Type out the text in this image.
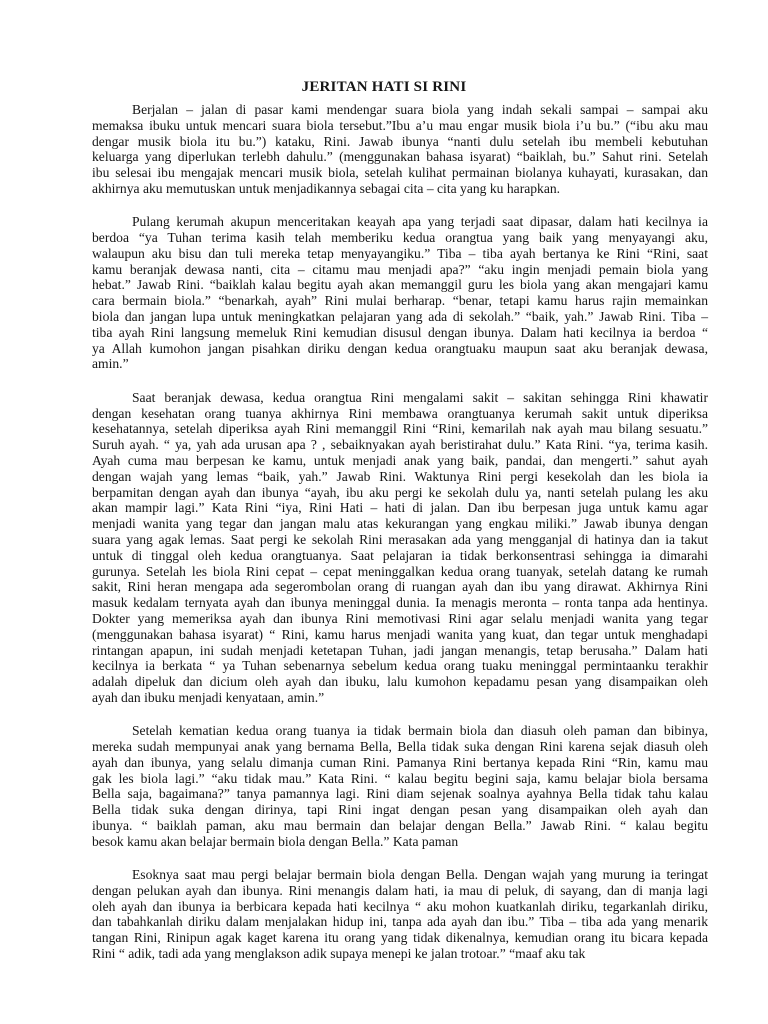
JERITAN HATI SI RINI
Berjalan – jalan di pasar kami mendengar suara biola yang indah sekali sampai – sampai aku
memaksa ibuku untuk mencari suara biola tersebut.”Ibu a’u mau engar musik biola i’u bu.” (“ibu aku mau
dengar musik biola itu bu.”) kataku, Rini. Jawab ibunya “nanti dulu setelah ibu membeli kebutuhan
keluarga yang diperlukan terlebh dahulu.” (menggunakan bahasa isyarat) “baiklah, bu.” Sahut rini. Setelah
ibu selesai ibu mengajak mencari musik biola, setelah kulihat permainan biolanya kuhayati, kurasakan, dan
akhirnya aku memutuskan untuk menjadikannya sebagai cita – cita yang ku harapkan.
Pulang kerumah akupun menceritakan keayah apa yang terjadi saat dipasar, dalam hati kecilnya ia
berdoa “ya Tuhan terima kasih telah memberiku kedua orangtua yang baik yang menyayangi aku,
walaupun aku bisu dan tuli mereka tetap menyayangiku.” Tiba – tiba ayah bertanya ke Rini “Rini, saat
kamu beranjak dewasa nanti, cita – citamu mau menjadi apa?” “aku ingin menjadi pemain biola yang
hebat.” Jawab Rini. “baiklah kalau begitu ayah akan memanggil guru les biola yang akan mengajari kamu
cara bermain biola.” “benarkah, ayah” Rini mulai berharap. “benar, tetapi kamu harus rajin memainkan
biola dan jangan lupa untuk meningkatkan pelajaran yang ada di sekolah.” “baik, yah.” Jawab Rini. Tiba –
tiba ayah Rini langsung memeluk Rini kemudian disusul dengan ibunya. Dalam hati kecilnya ia berdoa “
ya Allah kumohon jangan pisahkan diriku dengan kedua orangtuaku maupun saat aku beranjak dewasa,
amin.”
Saat beranjak dewasa, kedua orangtua Rini mengalami sakit – sakitan sehingga Rini khawatir
dengan kesehatan orang tuanya akhirnya Rini membawa orangtuanya kerumah sakit untuk diperiksa
kesehatannya, setelah diperiksa ayah Rini memanggil Rini “Rini, kemarilah nak ayah mau bilang sesuatu.”
Suruh ayah. “ ya, yah ada urusan apa ? , sebaiknyakan ayah beristirahat dulu.” Kata Rini. “ya, terima kasih.
Ayah cuma mau berpesan ke kamu, untuk menjadi anak yang baik, pandai, dan mengerti.” sahut ayah
dengan wajah yang lemas “baik, yah.” Jawab Rini. Waktunya Rini pergi kesekolah dan les biola ia
berpamitan dengan ayah dan ibunya “ayah, ibu aku pergi ke sekolah dulu ya, nanti setelah pulang les aku
akan mampir lagi.” Kata Rini “iya, Rini Hati – hati di jalan. Dan ibu berpesan juga untuk kamu agar
menjadi wanita yang tegar dan jangan malu atas kekurangan yang engkau miliki.” Jawab ibunya dengan
suara yang agak lemas. Saat pergi ke sekolah Rini merasakan ada yang mengganjal di hatinya dan ia takut
untuk di tinggal oleh kedua orangtuanya. Saat pelajaran ia tidak berkonsentrasi sehingga ia dimarahi
gurunya. Setelah les biola Rini cepat – cepat meninggalkan kedua orang tuanyak, setelah datang ke rumah
sakit, Rini heran mengapa ada segerombolan orang di ruangan ayah dan ibu yang dirawat. Akhirnya Rini
masuk kedalam ternyata ayah dan ibunya meninggal dunia. Ia menagis meronta – ronta tanpa ada hentinya.
Dokter yang memeriksa ayah dan ibunya Rini memotivasi Rini agar selalu menjadi wanita yang tegar
(menggunakan bahasa isyarat) “ Rini, kamu harus menjadi wanita yang kuat, dan tegar untuk menghadapi
rintangan apapun, ini sudah menjadi ketetapan Tuhan, jadi jangan menangis, tetap berusaha.” Dalam hati
kecilnya ia berkata “ ya Tuhan sebenarnya sebelum kedua orang tuaku meninggal permintaanku terakhir
adalah dipeluk dan dicium oleh ayah dan ibuku, lalu kumohon kepadamu pesan yang disampaikan oleh
ayah dan ibuku menjadi kenyataan, amin.”
Setelah kematian kedua orang tuanya ia tidak bermain biola dan diasuh oleh paman dan bibinya,
mereka sudah mempunyai anak yang bernama Bella, Bella tidak suka dengan Rini karena sejak diasuh oleh
ayah dan ibunya, yang selalu dimanja cuman Rini. Pamanya Rini bertanya kepada Rini “Rin, kamu mau
gak les biola lagi.” “aku tidak mau.” Kata Rini. “ kalau begitu begini saja, kamu belajar biola bersama
Bella saja, bagaimana?” tanya pamannya lagi. Rini diam sejenak soalnya ayahnya Bella tidak tahu kalau
Bella tidak suka dengan dirinya, tapi Rini ingat dengan pesan yang disampaikan oleh ayah dan
ibunya. “ baiklah paman, aku mau bermain dan belajar dengan Bella.” Jawab Rini. “ kalau begitu
besok kamu akan belajar bermain biola dengan Bella.” Kata paman
Esoknya saat mau pergi belajar bermain biola dengan Bella. Dengan wajah yang murung ia teringat
dengan pelukan ayah dan ibunya. Rini menangis dalam hati, ia mau di peluk, di sayang, dan di manja lagi
oleh ayah dan ibunya ia berbicara kepada hati kecilnya “ aku mohon kuatkanlah diriku, tegarkanlah diriku,
dan tabahkanlah diriku dalam menjalakan hidup ini, tanpa ada ayah dan ibu.” Tiba – tiba ada yang menarik
tangan Rini, Rinipun agak kaget karena itu orang yang tidak dikenalnya, kemudian orang itu bicara kepada
Rini “ adik, tadi ada yang menglakson adik supaya menepi ke jalan trotoar.” “maaf aku tak
